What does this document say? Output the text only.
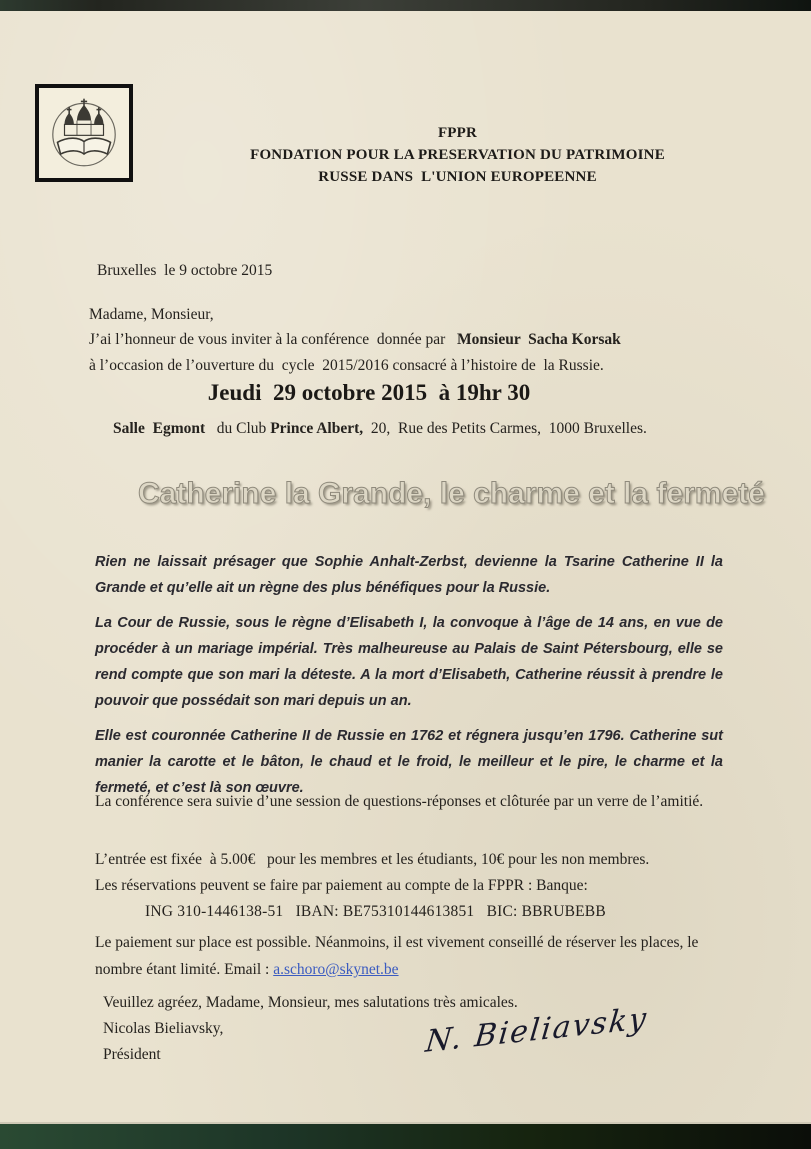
FPPR
FONDATION POUR LA PRESERVATION DU PATRIMOINE
RUSSE DANS  L'UNION EUROPEENNE
Bruxelles  le 9 octobre 2015
Madame, Monsieur,
J’ai l’honneur de vous inviter à la conférence  donnée par   Monsieur  Sacha Korsak
à l’occasion de l’ouverture du  cycle  2015/2016 consacré à l’histoire de  la Russie.
Jeudi  29 octobre 2015  à 19hr 30
Salle  Egmont   du Club Prince Albert,  20,  Rue des Petits Carmes,  1000 Bruxelles.
Catherine la Grande, le charme et la fermeté

Rien ne laissait présager que Sophie Anhalt-Zerbst, devienne la Tsarine Catherine II la Grande et qu’elle ait un règne des plus bénéfiques pour la Russie.

La Cour de Russie, sous le règne d’Elisabeth I, la convoque à l’âge de 14 ans, en vue de procéder à un mariage impérial. Très malheureuse au Palais de Saint Pétersbourg, elle se rend compte que son mari la déteste. A la mort d’Elisabeth, Catherine réussit à prendre le pouvoir que possédait son mari depuis un an.

Elle est couronnée Catherine II de Russie en 1762 et régnera jusqu’en 1796. Catherine sut manier la carotte et le bâton, le chaud et le froid, le meilleur et le pire, le charme et la fermeté, et c’est là son œuvre.

La conférence sera suivie d’une session de questions-réponses et clôturée par un verre de l’amitié.
L’entrée est fixée  à 5.00€   pour les membres et les étudiants, 10€ pour les non membres.
Les réservations peuvent se faire par paiement au compte de la FPPR : Banque:
ING 310-1446138-51   IBAN: BE75310144613851   BIC: BBRUBEBB
Le paiement sur place est possible. Néanmoins, il est vivement conseillé de réserver les places, le nombre étant limité. Email : a.schoro@skynet.be
Veuillez agréez, Madame, Monsieur, mes salutations très amicales.
Nicolas Bieliavsky,
Président	N. Bieliavsky
